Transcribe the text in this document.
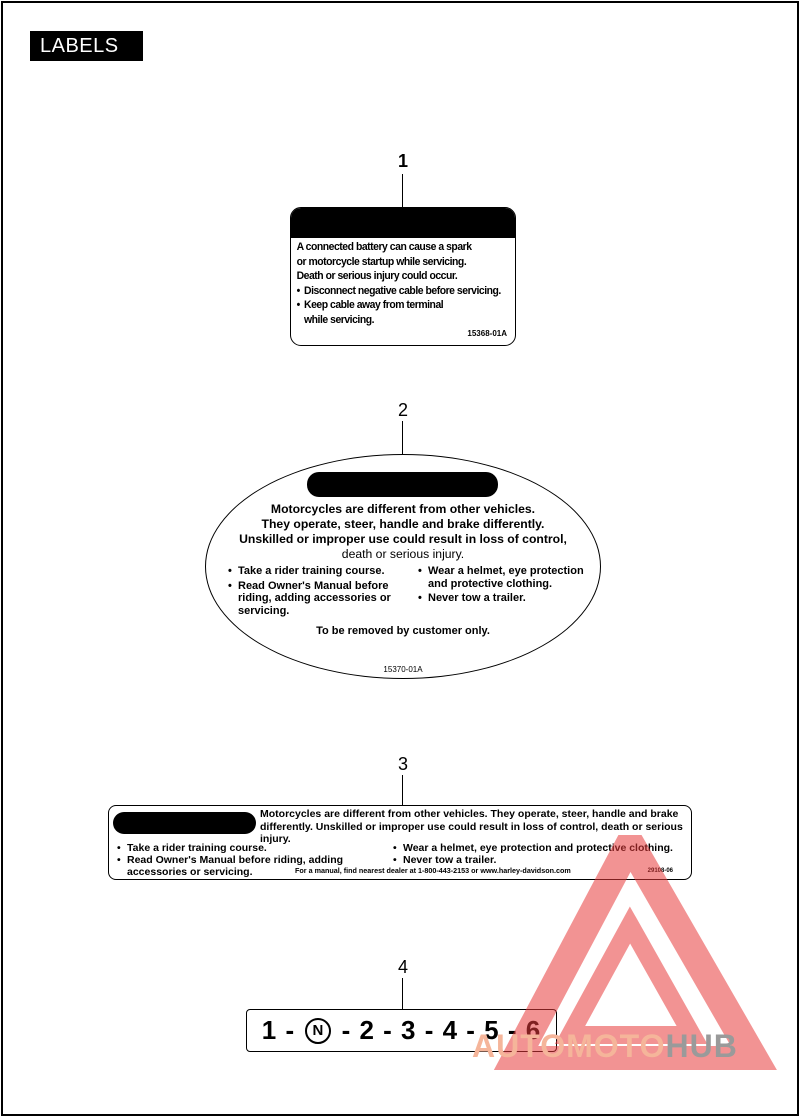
LABELS
1
A connected battery can cause a spark
or motorcycle startup while servicing.
Death or serious injury could occur.
• Disconnect negative cable before servicing.
• Keep cable away from terminal while servicing.
15368-01A
2
Motorcycles are different from other vehicles.
They operate, steer, handle and brake differently.
Unskilled or improper use could result in loss of control,
death or serious injury.
• Take a rider training course.
• Read Owner's Manual before riding, adding accessories or servicing.
• Wear a helmet, eye protection and protective clothing.
• Never tow a trailer.
To be removed by customer only.
15370-01A
3
Motorcycles are different from other vehicles. They operate, steer, handle and brake differently. Unskilled or improper use could result in loss of control, death or serious injury.
• Take a rider training course.
• Read Owner's Manual before riding, adding accessories or servicing.
• Wear a helmet, eye protection and protective clothing.
• Never tow a trailer.
For a manual, find nearest dealer at 1-800-443-2153 or www.harley-davidson.com	29108-06
4
1 -
	N
- 2 - 3 - 4 - 5 - 6
AUTOMOTOHUB
